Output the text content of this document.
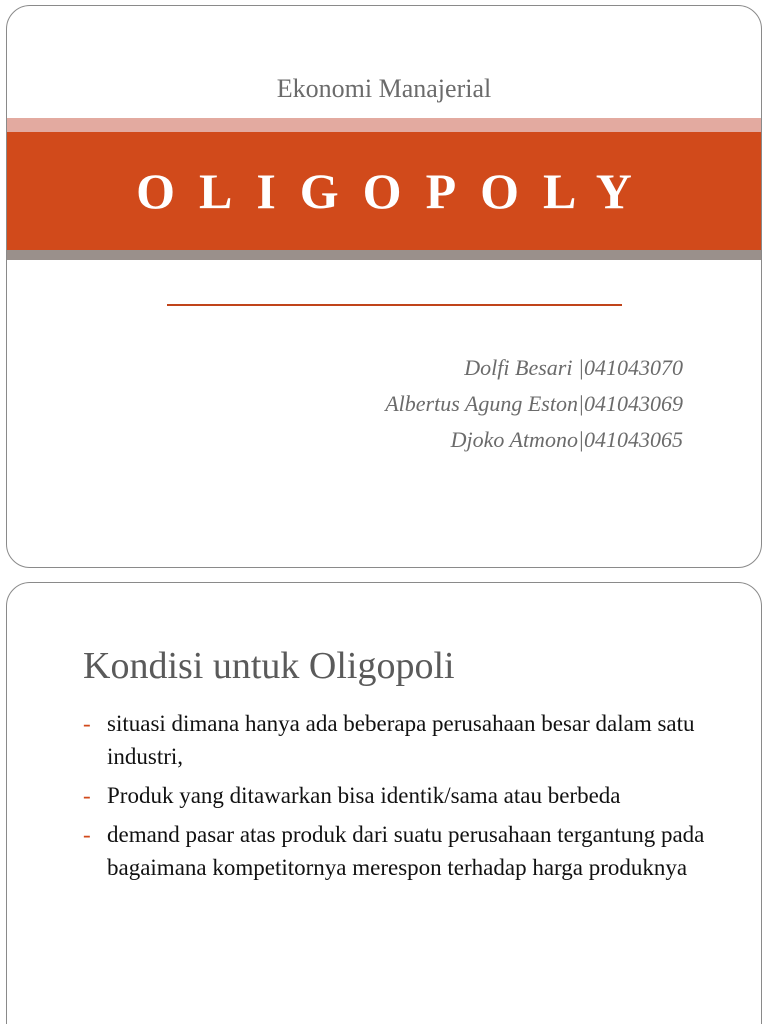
Ekonomi Manajerial
OLIGOPOLY
Dolfi Besari |041043070
Albertus Agung Eston|041043069
Djoko Atmono|041043065
Kondisi untuk Oligopoli
- situasi dimana hanya ada beberapa perusahaan besar dalam satu industri,
- Produk yang ditawarkan bisa identik/sama atau berbeda
- demand pasar atas produk dari suatu perusahaan tergantung pada bagaimana kompetitornya merespon terhadap harga produknya
